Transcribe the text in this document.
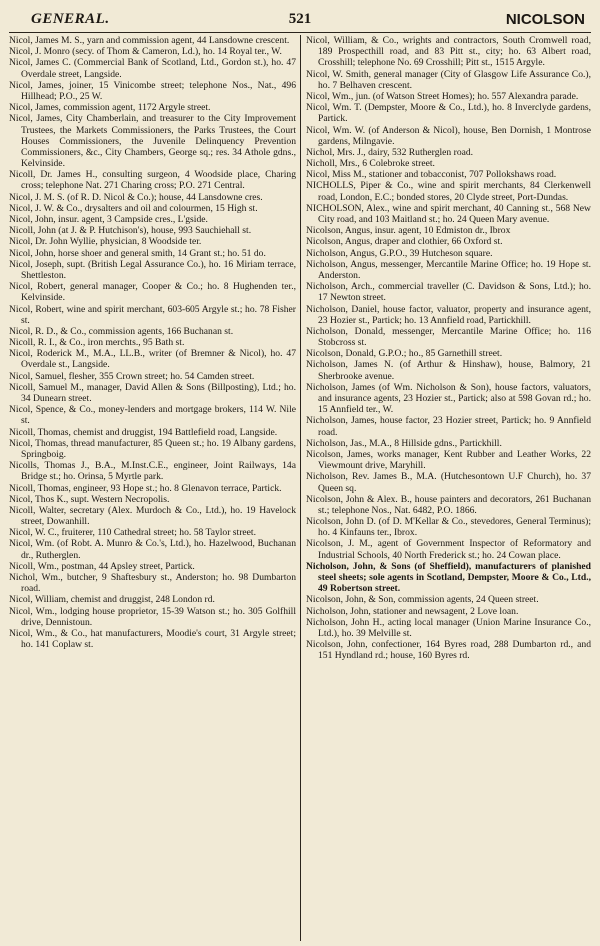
GENERAL.	521	NICOLSON
Nicol, James M. S., yarn and commission agent, 44 Lansdowne crescent.
Nicol, J. Monro (secy. of Thom & Cameron, Ld.), ho. 14 Royal ter., W.
Nicol, James C. (Commercial Bank of Scotland, Ltd., Gordon st.), ho. 47 Overdale street, Langside.
Nicol, James, joiner, 15 Vinicombe street; telephone Nos., Nat., 496 Hillhead; P.O., 25 W.
Nicol, James, commission agent, 1172 Argyle street.
Nicol, James, City Chamberlain, and treasurer to the City Improvement Trustees, the Markets Commissioners, the Parks Trustees, the Court Houses Commissioners, the Juvenile Delinquency Prevention Commissioners, &c., City Chambers, George sq.; res. 34 Athole gdns., Kelvinside.
Nicoll, Dr. James H., consulting surgeon, 4 Woodside place, Charing cross; telephone Nat. 271 Charing cross; P.O. 271 Central.
Nicol, J. M. S. (of R. D. Nicol & Co.); house, 44 Lansdowne cres.
Nicol, J. W. & Co., drysalters and oil and colourmen, 15 High st.
Nicol, John, insur. agent, 3 Campside cres., L'gside.
Nicoll, John (at J. & P. Hutchison's), house, 993 Sauchiehall st.
Nicol, Dr. John Wyllie, physician, 8 Woodside ter.
Nicol, John, horse shoer and general smith, 14 Grant st.; ho. 51 do.
Nicol, Joseph, supt. (British Legal Assurance Co.), ho. 16 Miriam terrace, Shettleston.
Nicol, Robert, general manager, Cooper & Co.; ho. 8 Hughenden ter., Kelvinside.
Nicol, Robert, wine and spirit merchant, 603-605 Argyle st.; ho. 78 Fisher st.
Nicol, R. D., & Co., commission agents, 166 Buchanan st.
Nicoll, R. I., & Co., iron merchts., 95 Bath st.
Nicol, Roderick M., M.A., LL.B., writer (of Bremner & Nicol), ho. 47 Overdale st., Langside.
Nicol, Samuel, flesher, 355 Crown street; ho. 54 Camden street.
Nicoll, Samuel M., manager, David Allen & Sons (Billposting), Ltd.; ho. 34 Dunearn street.
Nicol, Spence, & Co., money-lenders and mortgage brokers, 114 W. Nile st.
Nicoll, Thomas, chemist and druggist, 194 Battlefield road, Langside.
Nicol, Thomas, thread manufacturer, 85 Queen st.; ho. 19 Albany gardens, Springboig.
Nicolls, Thomas J., B.A., M.Inst.C.E., engineer, Joint Railways, 14a Bridge st.; ho. Orinsa, 5 Myrtle park.
Nicoll, Thomas, engineer, 93 Hope st.; ho. 8 Glenavon terrace, Partick.
Nicol, Thos K., supt. Western Necropolis.
Nicoll, Walter, secretary (Alex. Murdoch & Co., Ltd.), ho. 19 Havelock street, Dowanhill.
Nicol, W. C., fruiterer, 110 Cathedral street; ho. 58 Taylor street.
Nicol, Wm. (of Robt. A. Munro & Co.'s, Ltd.), ho. Hazelwood, Buchanan dr., Rutherglen.
Nicoll, Wm., postman, 44 Apsley street, Partick.
Nichol, Wm., butcher, 9 Shaftesbury st., Anderston; ho. 98 Dumbarton road.
Nicol, William, chemist and druggist, 248 London rd.
Nicol, Wm., lodging house proprietor, 15-39 Watson st.; ho. 305 Golfhill drive, Dennistoun.
Nicol, Wm., & Co., hat manufacturers, Moodie's court, 31 Argyle street; ho. 141 Coplaw st.
Nicol, William, & Co., wrights and contractors, South Cromwell road, 189 Prospecthill road, and 83 Pitt st., city; ho. 63 Albert road, Crosshill; telephone No. 69 Crosshill; Pitt st., 1515 Argyle.
Nicol, W. Smith, general manager (City of Glasgow Life Assurance Co.), ho. 7 Belhaven crescent.
Nicol, Wm., jun. (of Watson Street Homes); ho. 557 Alexandra parade.
Nicol, Wm. T. (Dempster, Moore & Co., Ltd.), ho. 8 Inverclyde gardens, Partick.
Nicol, Wm. W. (of Anderson & Nicol), house, Ben Dornish, 1 Montrose gardens, Milngavie.
Nichol, Mrs. J., dairy, 532 Rutherglen road.
Nicholl, Mrs., 6 Colebroke street.
Nicol, Miss M., stationer and tobacconist, 707 Pollokshaws road.
NICHOLLS, Piper & Co., wine and spirit merchants, 84 Clerkenwell road, London, E.C.; bonded stores, 20 Clyde street, Port-Dundas.
NICHOLSON, Alex., wine and spirit merchant, 40 Canning st., 568 New City road, and 103 Maitland st.; ho. 24 Queen Mary avenue.
Nicolson, Angus, insur. agent, 10 Edmiston dr., Ibrox
Nicolson, Angus, draper and clothier, 66 Oxford st.
Nicholson, Angus, G.P.O., 39 Hutcheson square.
Nicholson, Angus, messenger, Mercantile Marine Office; ho. 19 Hope st. Anderston.
Nicholson, Arch., commercial traveller (C. Davidson & Sons, Ltd.); ho. 17 Newton street.
Nicholson, Daniel, house factor, valuator, property and insurance agent, 23 Hozier st., Partick; ho. 13 Annfield road, Partickhill.
Nicholson, Donald, messenger, Mercantile Marine Office; ho. 116 Stobcross st.
Nicolson, Donald, G.P.O.; ho., 85 Garnethill street.
Nicholson, James N. (of Arthur & Hinshaw), house, Balmory, 21 Sherbrooke avenue.
Nicholson, James (of Wm. Nicholson & Son), house factors, valuators, and insurance agents, 23 Hozier st., Partick; also at 598 Govan rd.; ho. 15 Annfield ter., W.
Nicholson, James, house factor, 23 Hozier street, Partick; ho. 9 Annfield road.
Nicholson, Jas., M.A., 8 Hillside gdns., Partickhill.
Nicolson, James, works manager, Kent Rubber and Leather Works, 22 Viewmount drive, Maryhill.
Nicholson, Rev. James B., M.A. (Hutchesontown U.F Church), ho. 37 Queen sq.
Nicolson, John & Alex. B., house painters and decorators, 261 Buchanan st.; telephone Nos., Nat. 6482, P.O. 1866.
Nicolson, John D. (of D. M'Kellar & Co., stevedores, General Terminus); ho. 4 Kinfauns ter., Ibrox.
Nicolson, J. M., agent of Government Inspector of Reformatory and Industrial Schools, 40 North Frederick st.; ho. 24 Cowan place.
Nicholson, John, & Sons (of Sheffield), manufacturers of planished steel sheets; sole agents in Scotland, Dempster, Moore & Co., Ltd., 49 Robertson street.
Nicolson, John, & Son, commission agents, 24 Queen street.
Nicholson, John, stationer and newsagent, 2 Love loan.
Nicholson, John H., acting local manager (Union Marine Insurance Co., Ltd.), ho. 39 Melville st.
Nicolson, John, confectioner, 164 Byres road, 288 Dumbarton rd., and 151 Hyndland rd.; house, 160 Byres rd.
